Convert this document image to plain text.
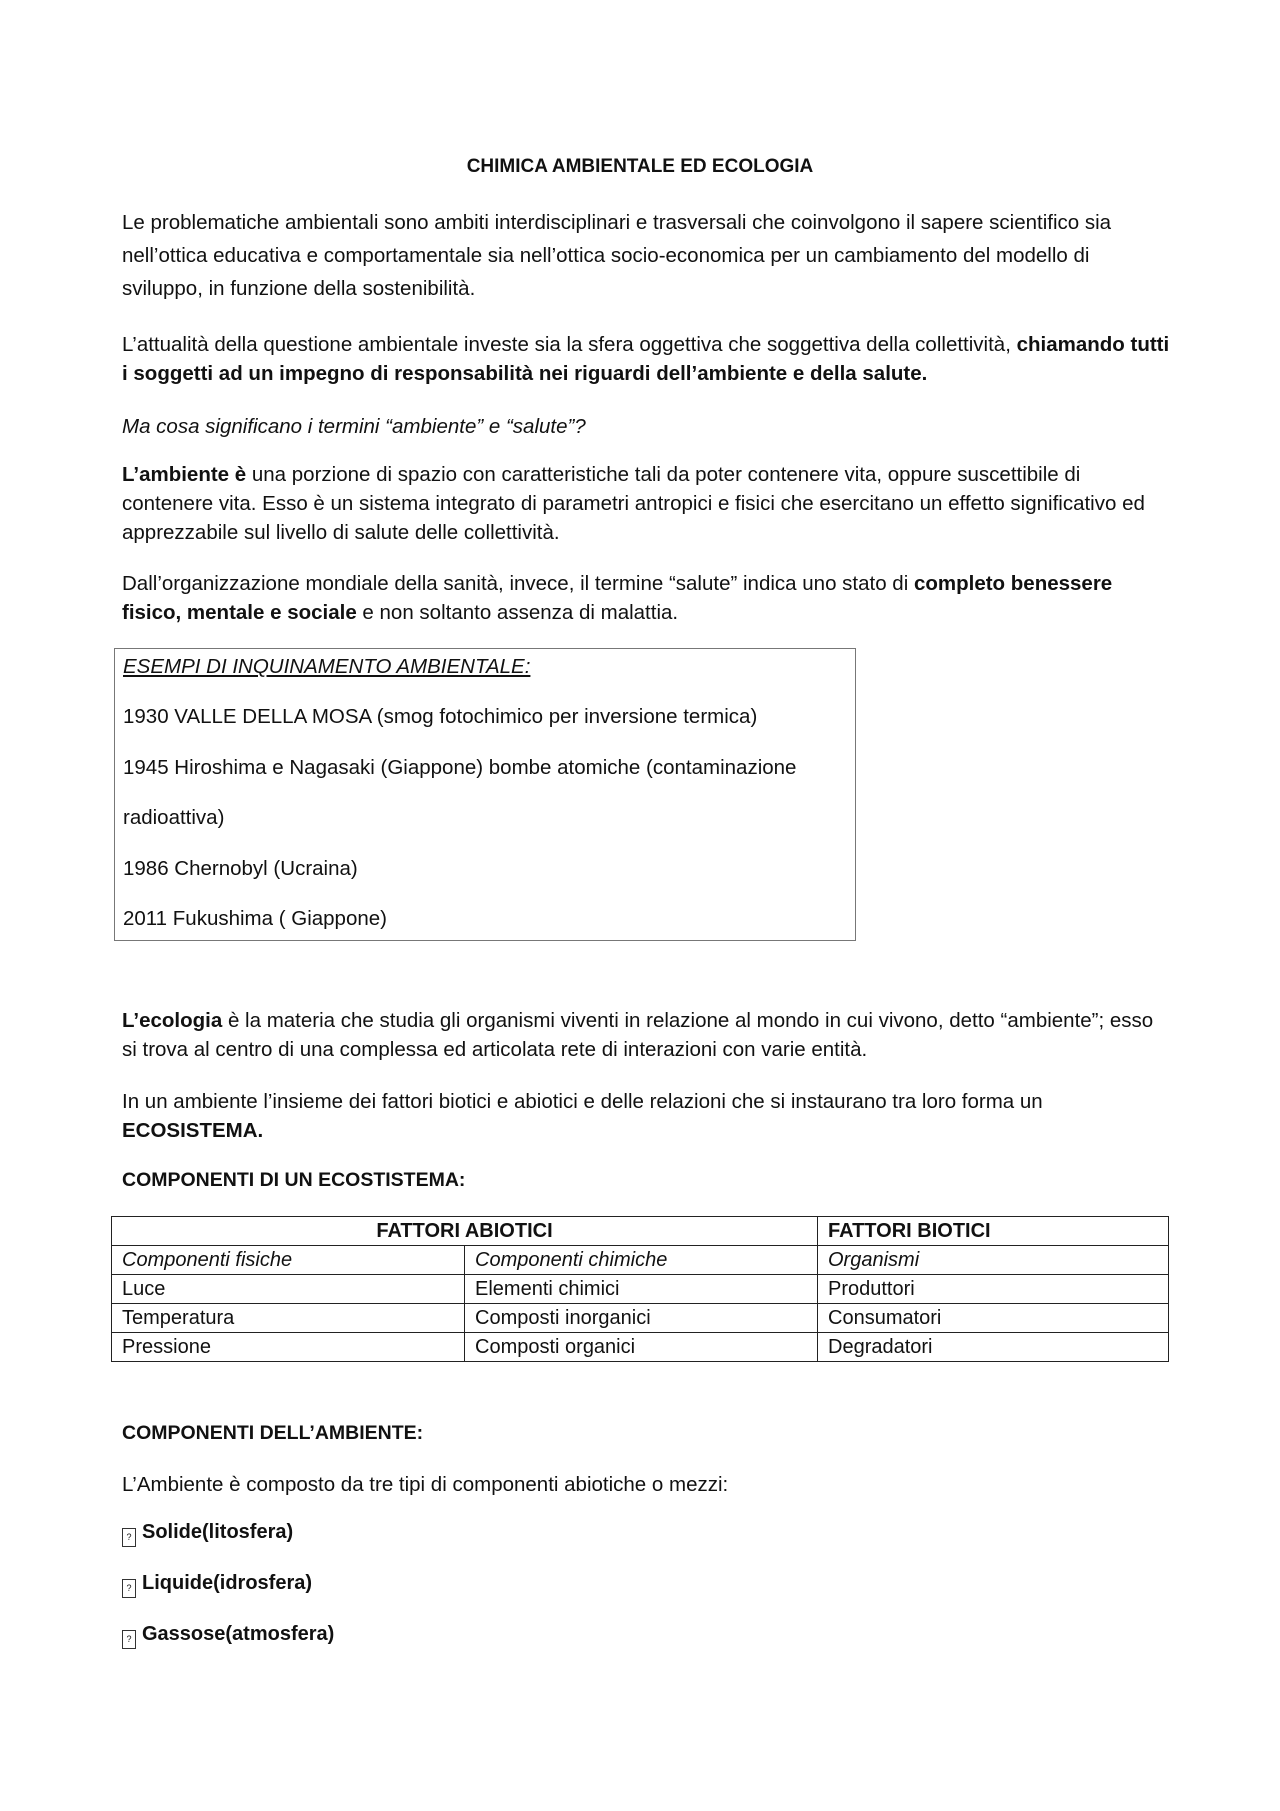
CHIMICA AMBIENTALE ED ECOLOGIA

Le problematiche ambientali sono ambiti interdisciplinari e trasversali che coinvolgono il sapere scientifico sia nell’ottica educativa e comportamentale sia nell’ottica socio-economica per un cambiamento del modello di sviluppo, in funzione della sostenibilità.

L’attualità della questione ambientale investe sia la sfera oggettiva che soggettiva della collettività, chiamando tutti i soggetti ad un impegno di responsabilità nei riguardi dell’ambiente e della salute.

Ma cosa significano i termini “ambiente” e “salute”?

L’ambiente è una porzione di spazio con caratteristiche tali da poter contenere vita, oppure suscettibile di contenere vita. Esso è un sistema integrato di parametri antropici e fisici che esercitano un effetto significativo ed apprezzabile sul livello di salute delle collettività.

Dall’organizzazione mondiale della sanità, invece, il termine “salute” indica uno stato di completo benessere fisico, mentale e sociale e non soltanto assenza di malattia.

ESEMPI DI INQUINAMENTO AMBIENTALE:
1930 VALLE DELLA MOSA (smog fotochimico per inversione termica)
1945 Hiroshima e Nagasaki (Giappone) bombe atomiche (contaminazione
radioattiva)
1986 Chernobyl (Ucraina)
2011 Fukushima ( Giappone)

L’ecologia è la materia che studia gli organismi viventi in relazione al mondo in cui vivono, detto “ambiente”; esso si trova al centro di una complessa ed articolata rete di interazioni con varie entità.

In un ambiente l’insieme dei fattori biotici e abiotici e delle relazioni che si instaurano tra loro forma un ECOSISTEMA.

COMPONENTI DI UN ECOSTISTEMA:
FATTORI ABIOTICI		FATTORI BIOTICI
Componenti fisiche	Componenti chimiche	Organismi
Luce	Elementi chimici	Produttori
Temperatura	Composti inorganici	Consumatori
Pressione	Composti organici	Degradatori
COMPONENTI DELL’AMBIENTE:

L’Ambiente è composto da tre tipi di componenti abiotiche o mezzi:

? Solide(litosfera)
? Liquide(idrosfera)
? Gassose(atmosfera)
